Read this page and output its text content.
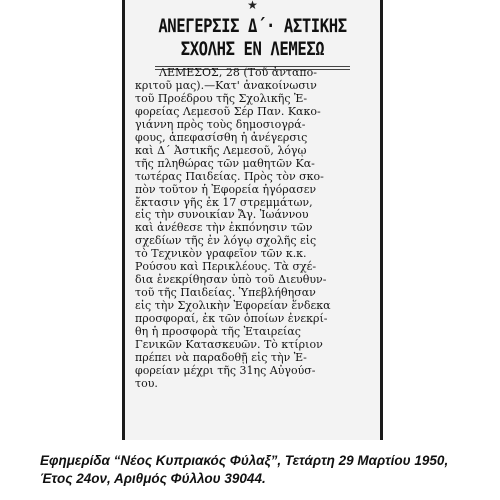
★
ΑΝΕΓΕΡΣΙΣ Δ´· ΑΣΤΙΚΗΣ
ΣΧΟΛΗΣ ΕΝ ΛΕΜΕΣΩ
ΛΕΜΕΣΟΣ, 28 (Τοῦ ἀνταπο-
κριτοῦ μας).—Κατ' ἀνακοίνωσιν
τοῦ Προέδρου τῆς Σχολικῆς Ἐ-
φορείας Λεμεσοῦ Σέρ Παν. Κακο-
γιάννη πρὸς τοὺς δημοσιογρά-
φους, ἀπεφασίσθη ἡ ἀνέγερσις
καὶ Δ´ Ἀστικῆς Λεμεσοῦ, λόγῳ
τῆς πληθώρας τῶν μαθητῶν Κα-
τωτέρας Παιδείας. Πρὸς τὸν σκο-
πὸν τοῦτον ἡ Ἐφορεία ἠγόρασεν
ἔκτασιν γῆς ἐκ 17 στρεμμάτων,
εἰς τὴν συνοικίαν Ἄγ. Ἰωάννου
καὶ ἀνέθεσε τὴν ἐκπόνησιν τῶν
σχεδίων τῆς ἐν λόγῳ σχολῆς εἰς
τὸ Τεχνικὸν γραφεῖον τῶν κ.κ.
Ρούσου καὶ Περικλέους. Τὰ σχέ-
δια ἐνεκρίθησαν ὑπὸ τοῦ Διευθυν-
τοῦ τῆς Παιδείας. Ὑπεβλήθησαν
εἰς τὴν Σχολικὴν Ἐφορείαν ἕνδεκα
προσφοραί, ἐκ τῶν ὁποίων ἐνεκρί-
θη ἡ προσφορὰ τῆς Ἐταιρείας
Γενικῶν Κατασκευῶν. Τὸ κτίριον
πρέπει νὰ παραδοθῇ εἰς τὴν Ἐ-
φορείαν μέχρι τῆς 31ης Αὐγούσ-
του.
Εφημερίδα “Νέος Κυπριακός Φύλαξ”, Τετάρτη 29 Μαρτίου 1950,
Έτος 24ον, Αριθμός Φύλλου 39044.
